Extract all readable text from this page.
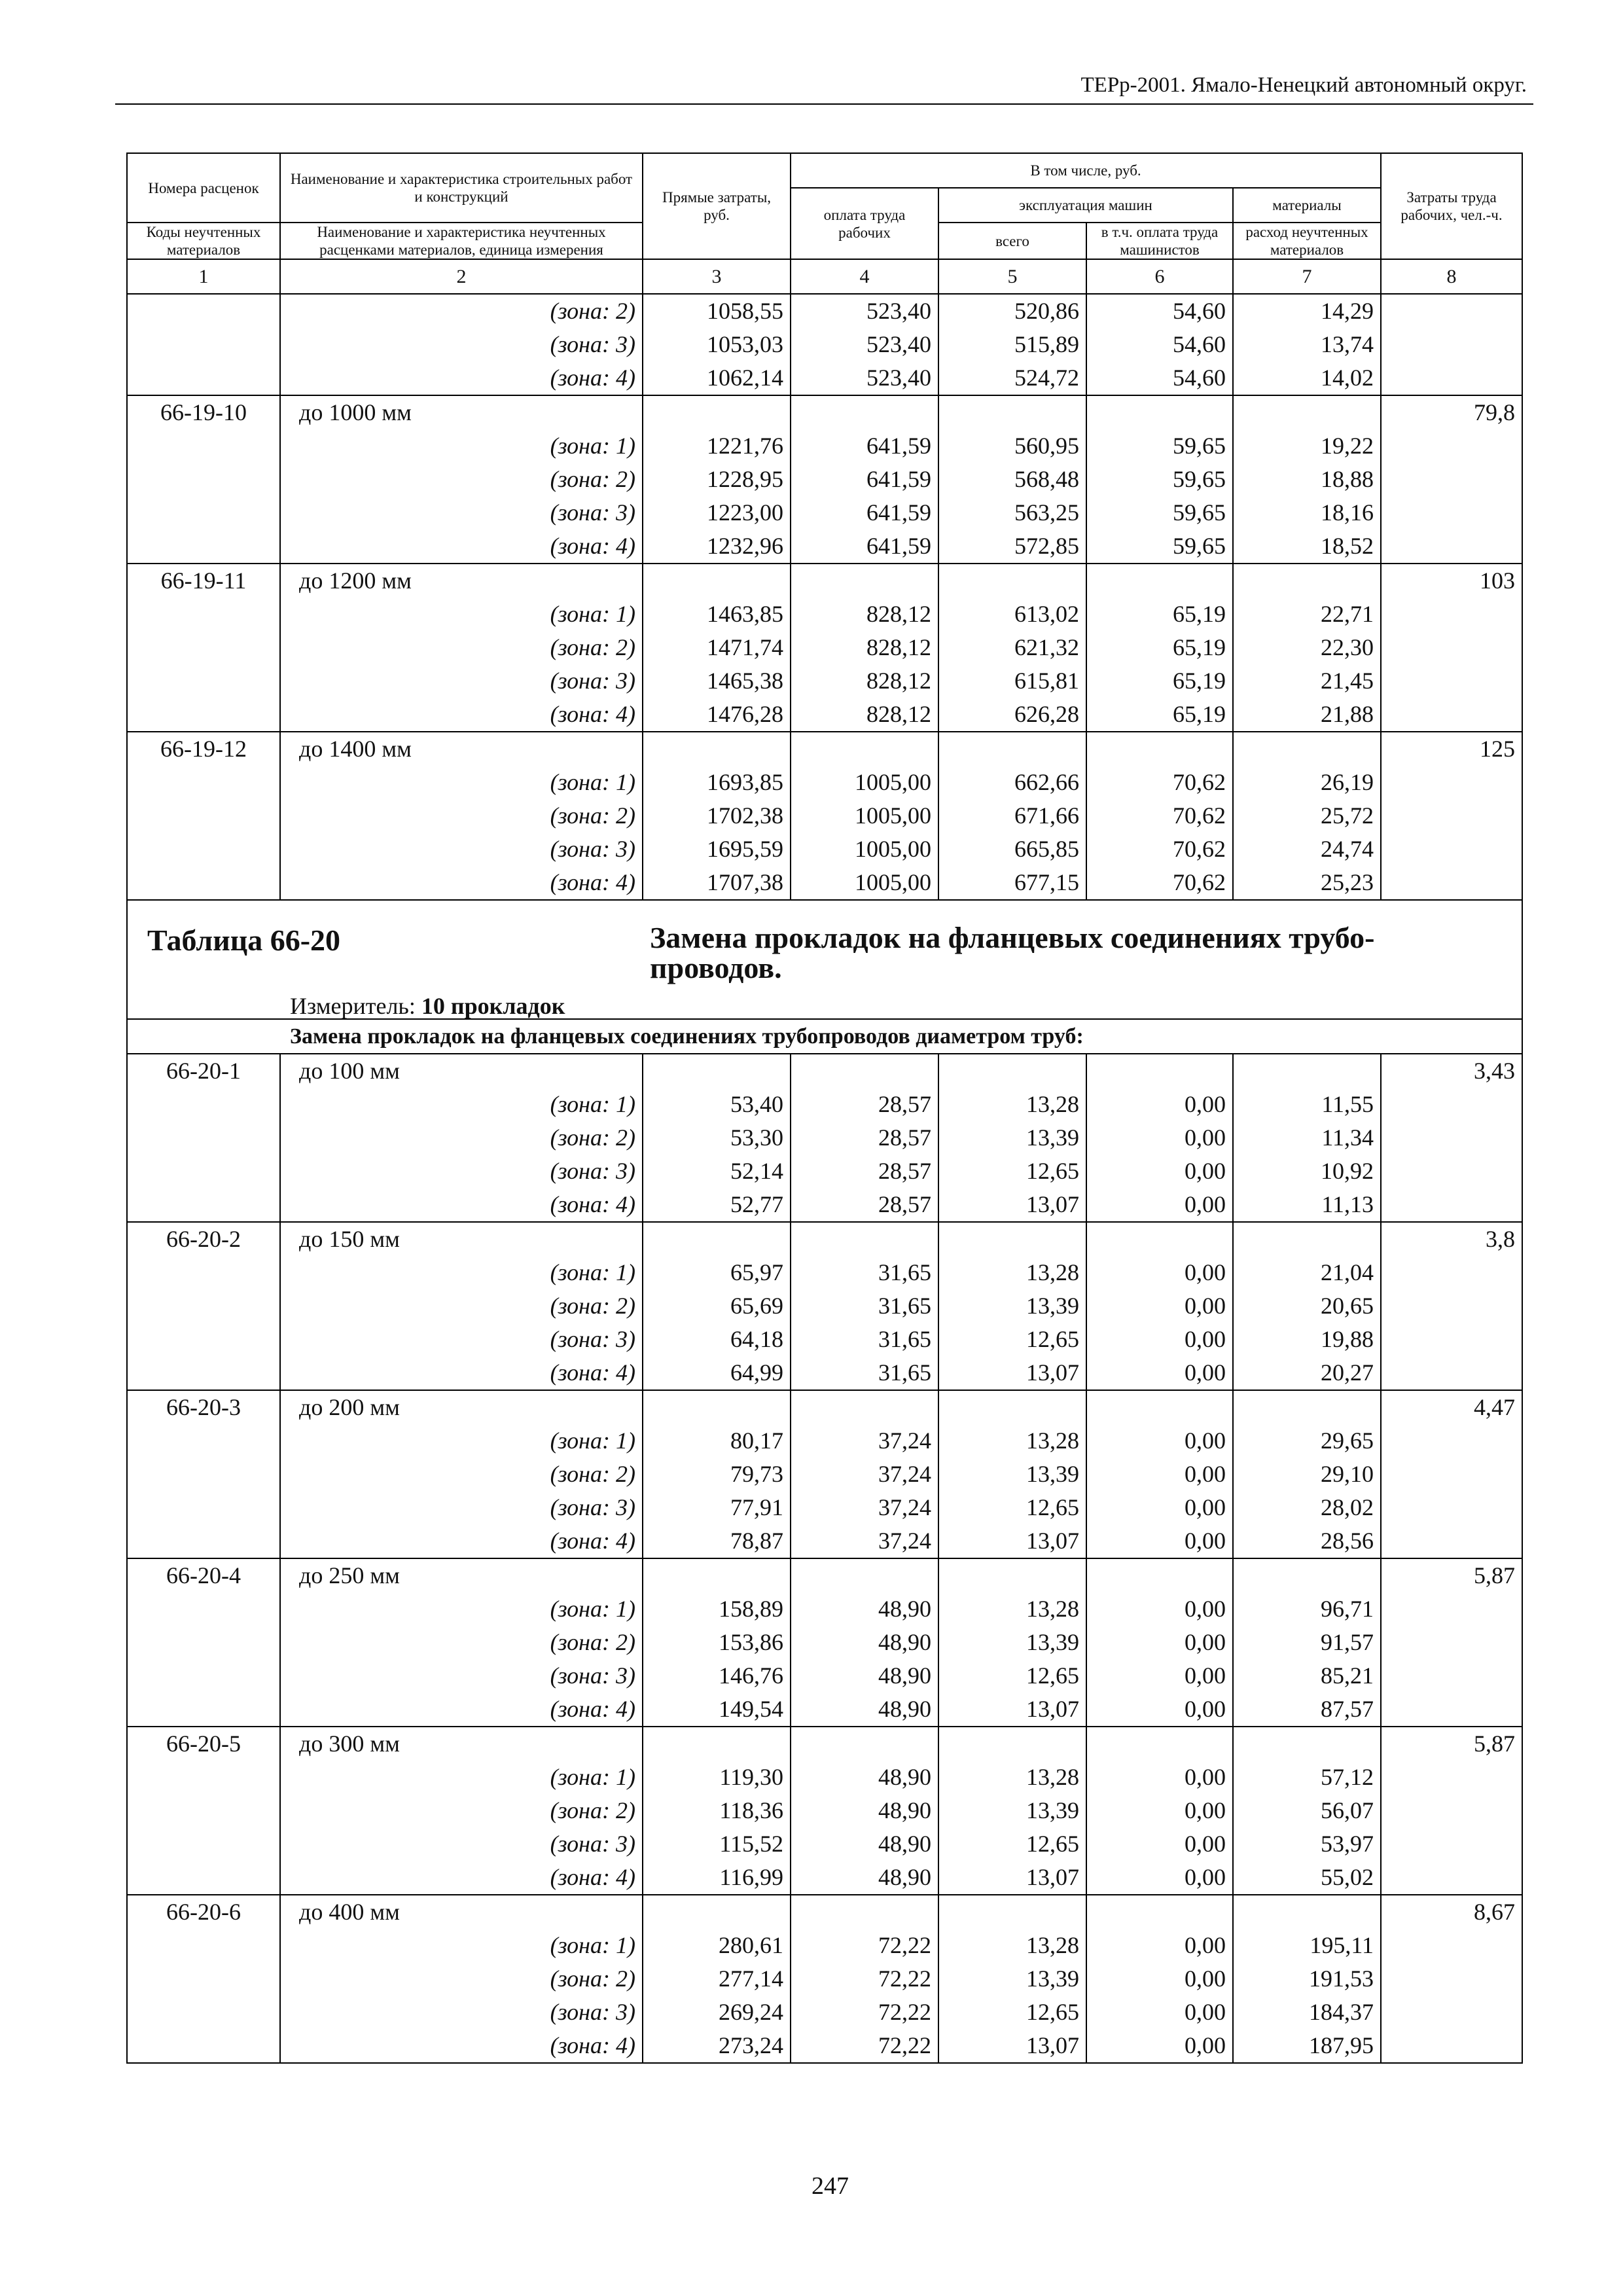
ТЕРр-2001. Ямало-Ненецкий автономный округ.
Номера расценок	Наименование и характеристика строительных работ и конструкций	Прямые затраты, руб.	В том числе, руб.				Затраты труда рабочих, чел.-ч.
			оплата труда рабочих	эксплуатация машин		материалы	
Коды неучтенных материалов	Наименование и характеристика неучтенных расценками материалов, единица измерения			всего	в т.ч. оплата труда машинистов	расход неучтенных материалов	
1	2	3	4	5	6	7	8
	(зона: 2)	1058,55	523,40	520,86	54,60	14,29	
	(зона: 3)	1053,03	523,40	515,89	54,60	13,74	
	(зона: 4)	1062,14	523,40	524,72	54,60	14,02	
66-19-10	до 1000 мм						79,8
	(зона: 1)	1221,76	641,59	560,95	59,65	19,22	
	(зона: 2)	1228,95	641,59	568,48	59,65	18,88	
	(зона: 3)	1223,00	641,59	563,25	59,65	18,16	
	(зона: 4)	1232,96	641,59	572,85	59,65	18,52	
66-19-11	до 1200 мм						103
	(зона: 1)	1463,85	828,12	613,02	65,19	22,71	
	(зона: 2)	1471,74	828,12	621,32	65,19	22,30	
	(зона: 3)	1465,38	828,12	615,81	65,19	21,45	
	(зона: 4)	1476,28	828,12	626,28	65,19	21,88	
66-19-12	до 1400 мм						125
	(зона: 1)	1693,85	1005,00	662,66	70,62	26,19	
	(зона: 2)	1702,38	1005,00	671,66	70,62	25,72	
	(зона: 3)	1695,59	1005,00	665,85	70,62	24,74	
	(зона: 4)	1707,38	1005,00	677,15	70,62	25,23	

Таблица 66-20 Замена прокладок на фланцевых соединениях трубо-проводов.
Измеритель: 10 прокладок							

Замена прокладок на фланцевых соединениях трубопроводов диаметром труб:							
66-20-1	до 100 мм						3,43
	(зона: 1)	53,40	28,57	13,28	0,00	11,55	
	(зона: 2)	53,30	28,57	13,39	0,00	11,34	
	(зона: 3)	52,14	28,57	12,65	0,00	10,92	
	(зона: 4)	52,77	28,57	13,07	0,00	11,13	
66-20-2	до 150 мм						3,8
	(зона: 1)	65,97	31,65	13,28	0,00	21,04	
	(зона: 2)	65,69	31,65	13,39	0,00	20,65	
	(зона: 3)	64,18	31,65	12,65	0,00	19,88	
	(зона: 4)	64,99	31,65	13,07	0,00	20,27	
66-20-3	до 200 мм						4,47
	(зона: 1)	80,17	37,24	13,28	0,00	29,65	
	(зона: 2)	79,73	37,24	13,39	0,00	29,10	
	(зона: 3)	77,91	37,24	12,65	0,00	28,02	
	(зона: 4)	78,87	37,24	13,07	0,00	28,56	
66-20-4	до 250 мм						5,87
	(зона: 1)	158,89	48,90	13,28	0,00	96,71	
	(зона: 2)	153,86	48,90	13,39	0,00	91,57	
	(зона: 3)	146,76	48,90	12,65	0,00	85,21	
	(зона: 4)	149,54	48,90	13,07	0,00	87,57	
66-20-5	до 300 мм						5,87
	(зона: 1)	119,30	48,90	13,28	0,00	57,12	
	(зона: 2)	118,36	48,90	13,39	0,00	56,07	
	(зона: 3)	115,52	48,90	12,65	0,00	53,97	
	(зона: 4)	116,99	48,90	13,07	0,00	55,02	
66-20-6	до 400 мм						8,67
	(зона: 1)	280,61	72,22	13,28	0,00	195,11	
	(зона: 2)	277,14	72,22	13,39	0,00	191,53	
	(зона: 3)	269,24	72,22	12,65	0,00	184,37	
	(зона: 4)	273,24	72,22	13,07	0,00	187,95	
247
